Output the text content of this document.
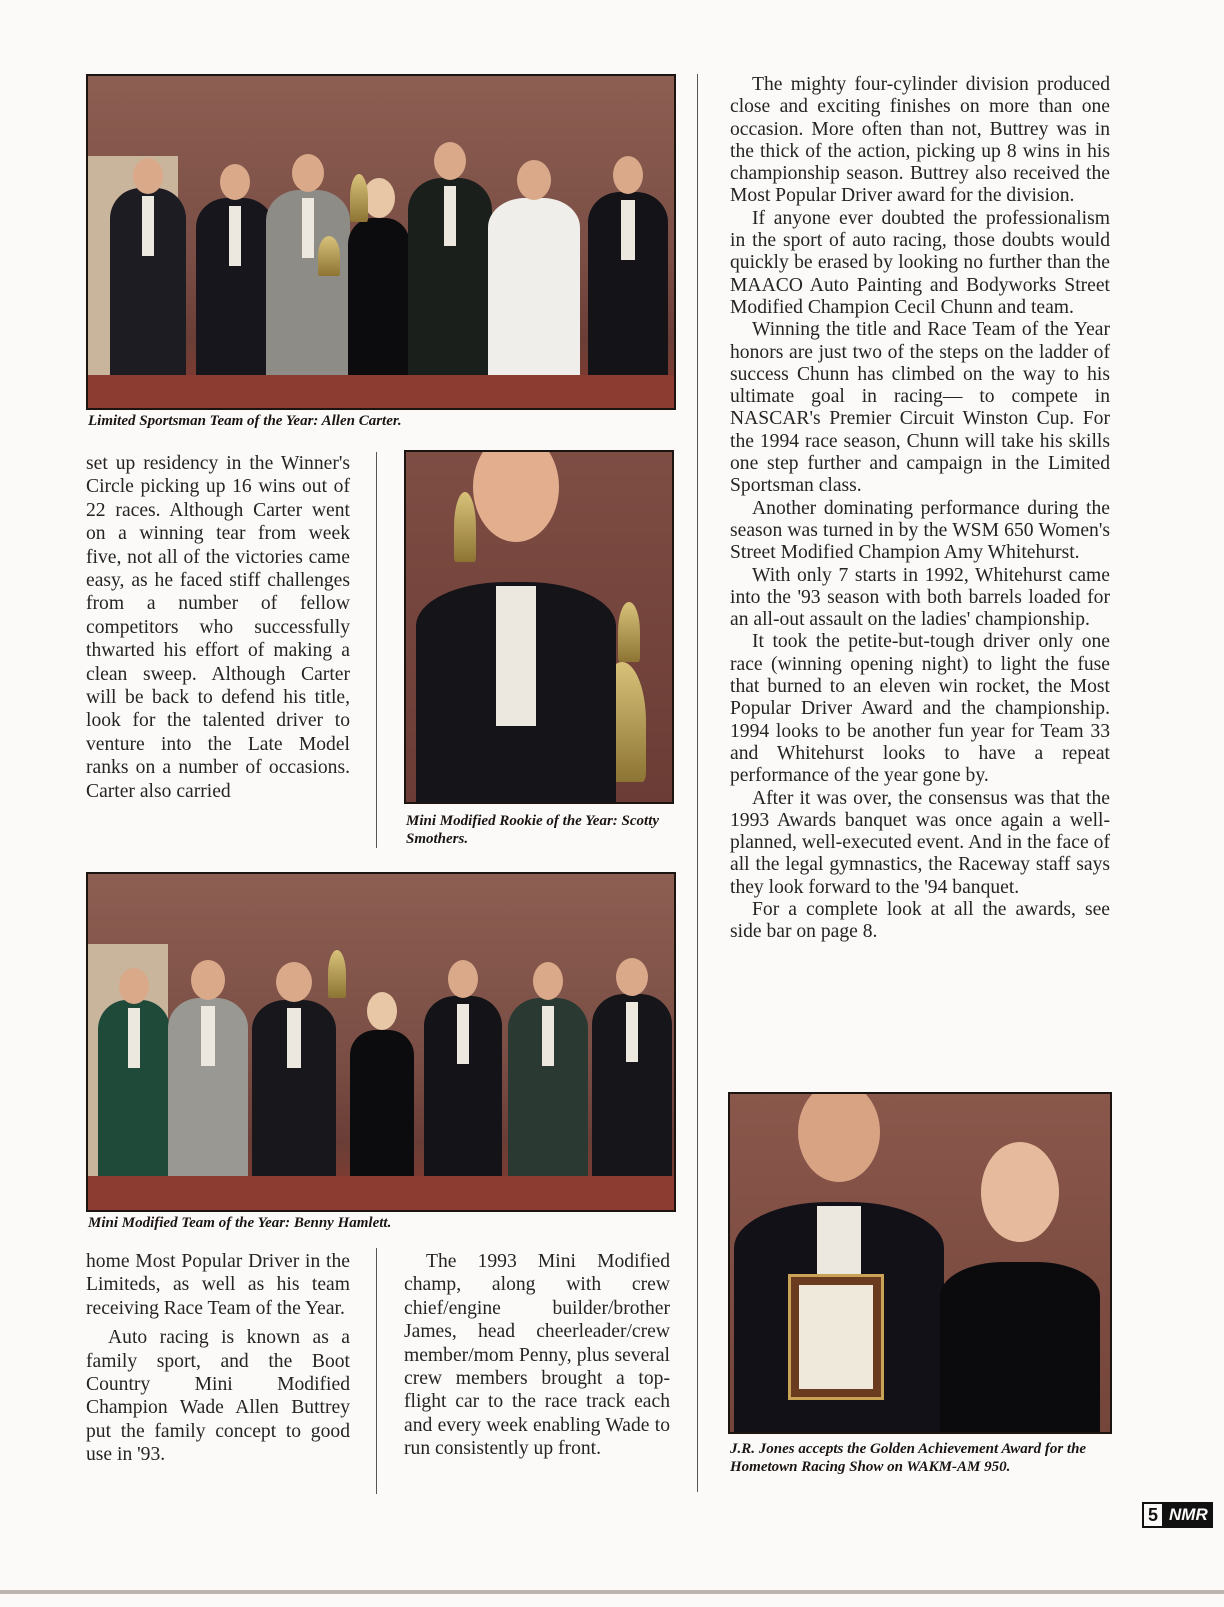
Limited Sportsman Team of the Year: Allen Carter.
Mini Modified Rookie of the Year: Scotty Smothers.

set up residency in the Winner's Circle picking up 16 wins out of 22 races. Although Carter went on a winning tear from week five, not all of the victories came easy, as he faced stiff challenges from a number of fellow competitors who successfully thwarted his effort of making a clean sweep. Although Carter will be back to defend his title, look for the talented driver to venture into the Late Model ranks on a number of occasions. Carter also carried

Mini Modified Team of the Year: Benny Hamlett.

home Most Popular Driver in the Limiteds, as well as his team receiving Race Team of the Year.

Auto racing is known as a family sport, and the Boot Country Mini Modified Champion Wade Allen Buttrey put the family concept to good use in '93.

The 1993 Mini Modified champ, along with crew chief/engine builder/brother James, head cheerleader/crew member/mom Penny, plus several crew members brought a top-flight car to the race track each and every week enabling Wade to run consistently up front.

The mighty four-cylinder division produced close and exciting finishes on more than one occasion. More often than not, Buttrey was in the thick of the action, picking up 8 wins in his championship season. Buttrey also received the Most Popular Driver award for the division.

If anyone ever doubted the professionalism in the sport of auto racing, those doubts would quickly be erased by looking no further than the MAACO Auto Painting and Bodyworks Street Modified Champion Cecil Chunn and team.

Winning the title and Race Team of the Year honors are just two of the steps on the ladder of success Chunn has climbed on the way to his ultimate goal in racing— to compete in NASCAR's Premier Circuit Winston Cup. For the 1994 race season, Chunn will take his skills one step further and campaign in the Limited Sportsman class.

Another dominating performance during the season was turned in by the WSM 650 Women's Street Modified Champion Amy Whitehurst.

With only 7 starts in 1992, Whitehurst came into the '93 season with both barrels loaded for an all-out assault on the ladies' championship.

It took the petite-but-tough driver only one race (winning opening night) to light the fuse that burned to an eleven win rocket, the Most Popular Driver Award and the championship. 1994 looks to be another fun year for Team 33 and Whitehurst looks to have a repeat performance of the year gone by.

After it was over, the consensus was that the 1993 Awards banquet was once again a well-planned, well-executed event. And in the face of all the legal gymnastics, the Raceway staff says they look forward to the '94 banquet.

For a complete look at all the awards, see side bar on page 8.

J.R. Jones accepts the Golden Achievement Award for the Hometown Racing Show on WAKM-AM 950.
5 NMR
